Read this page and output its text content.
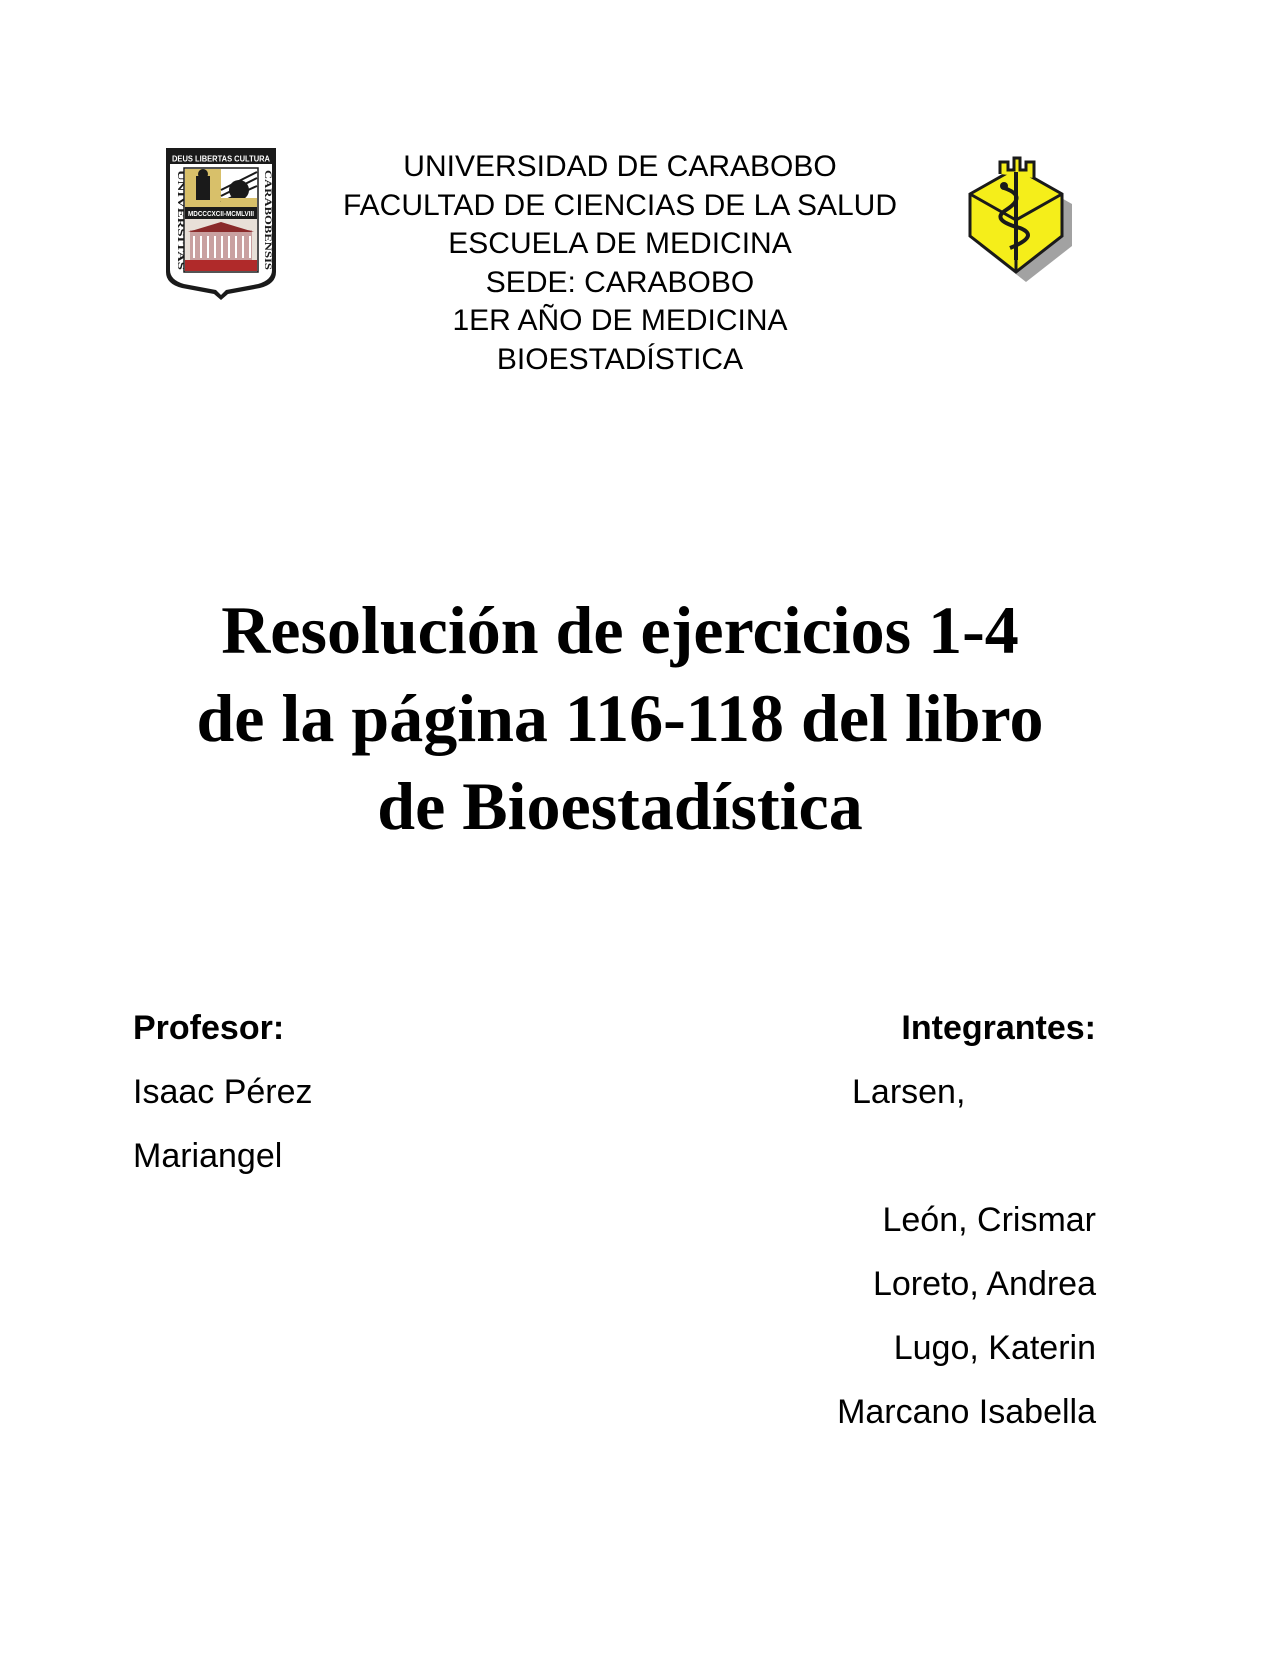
DEUS LIBERTAS CULTURA
MDCCCXCII-MCMLVIII
UNIVERSITAS	CARABOBENSIS
UNIVERSIDAD DE CARABOBO
FACULTAD DE CIENCIAS DE LA SALUD
ESCUELA DE MEDICINA
SEDE: CARABOBO
1ER AÑO DE MEDICINA
BIOESTADÍSTICA
Resolución de ejercicios 1-4
de la página 116-118 del libro
de Bioestadística
Profesor:
Isaac Pérez
Mariangel
Integrantes:
Larsen,
León, Crismar
Loreto, Andrea
Lugo, Katerin
Marcano Isabella
